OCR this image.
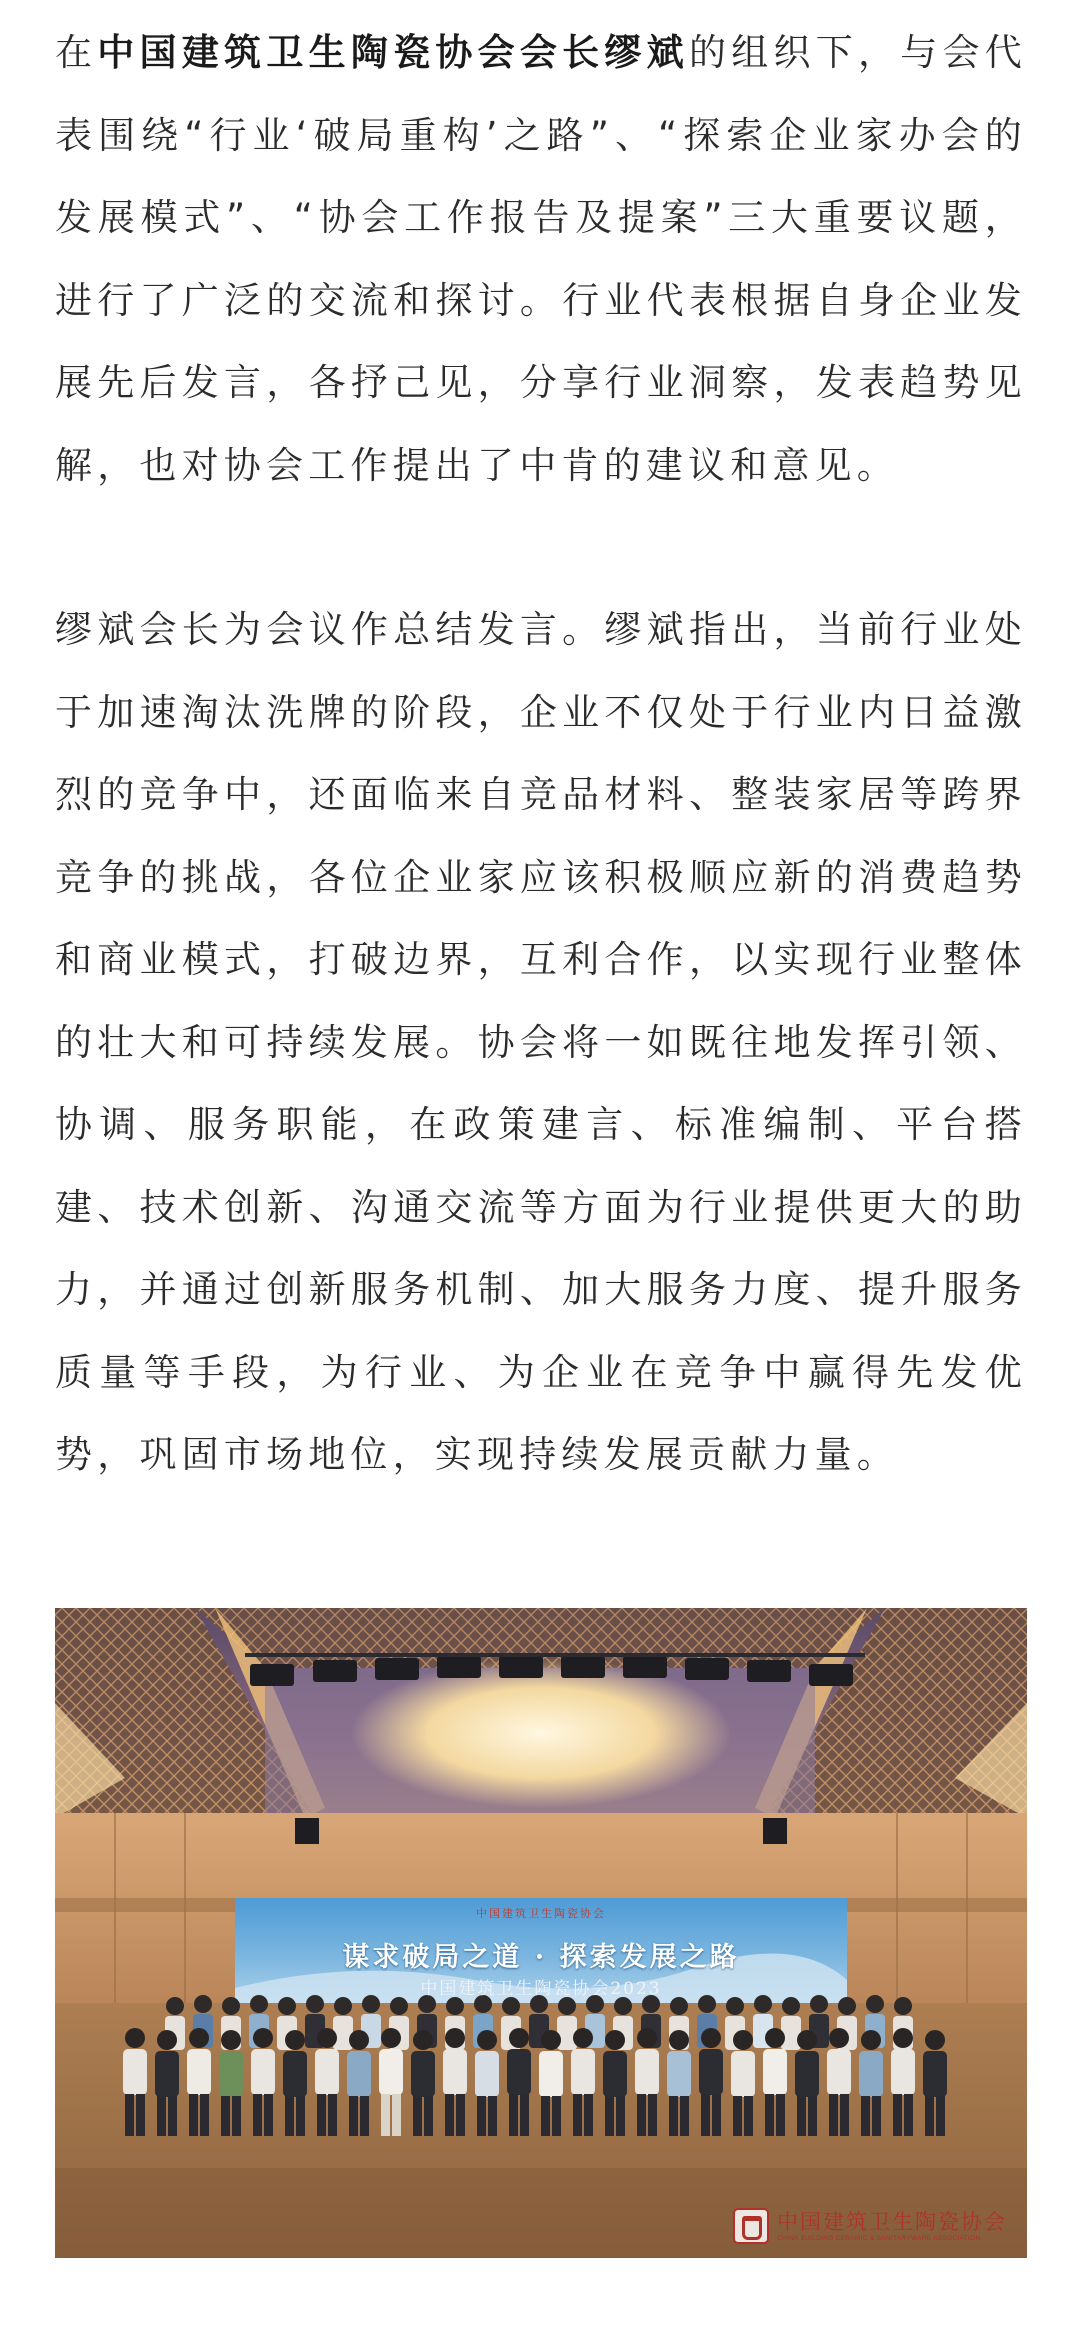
在中国建筑卫生陶瓷协会会长缪斌的组织下，与会代表围绕“行业‘破局重构’之路”、“探索企业家办会的发展模式”、“协会工作报告及提案”三大重要议题，进行了广泛的交流和探讨。行业代表根据自身企业发展先后发言，各抒己见，分享行业洞察，发表趋势见解，也对协会工作提出了中肯的建议和意见。

缪斌会长为会议作总结发言。缪斌指出，当前行业处于加速淘汰洗牌的阶段，企业不仅处于行业内日益激烈的竞争中，还面临来自竞品材料、整装家居等跨界竞争的挑战，各位企业家应该积极顺应新的消费趋势和商业模式，打破边界，互利合作，以实现行业整体的壮大和可持续发展。协会将一如既往地发挥引领、协调、服务职能，在政策建言、标准编制、平台搭建、技术创新、沟通交流等方面为行业提供更大的助力，并通过创新服务机制、加大服务力度、提升服务质量等手段，为行业、为企业在竞争中赢得先发优势，巩固市场地位，实现持续发展贡献力量。

中国建筑卫生陶瓷协会
谋求破局之道 · 探索发展之路
中国建筑卫生陶瓷协会2023
中国建筑卫生陶瓷协会
CHINA BUILDING CERAMIC & SANITARYWARE ASSOCIATION
